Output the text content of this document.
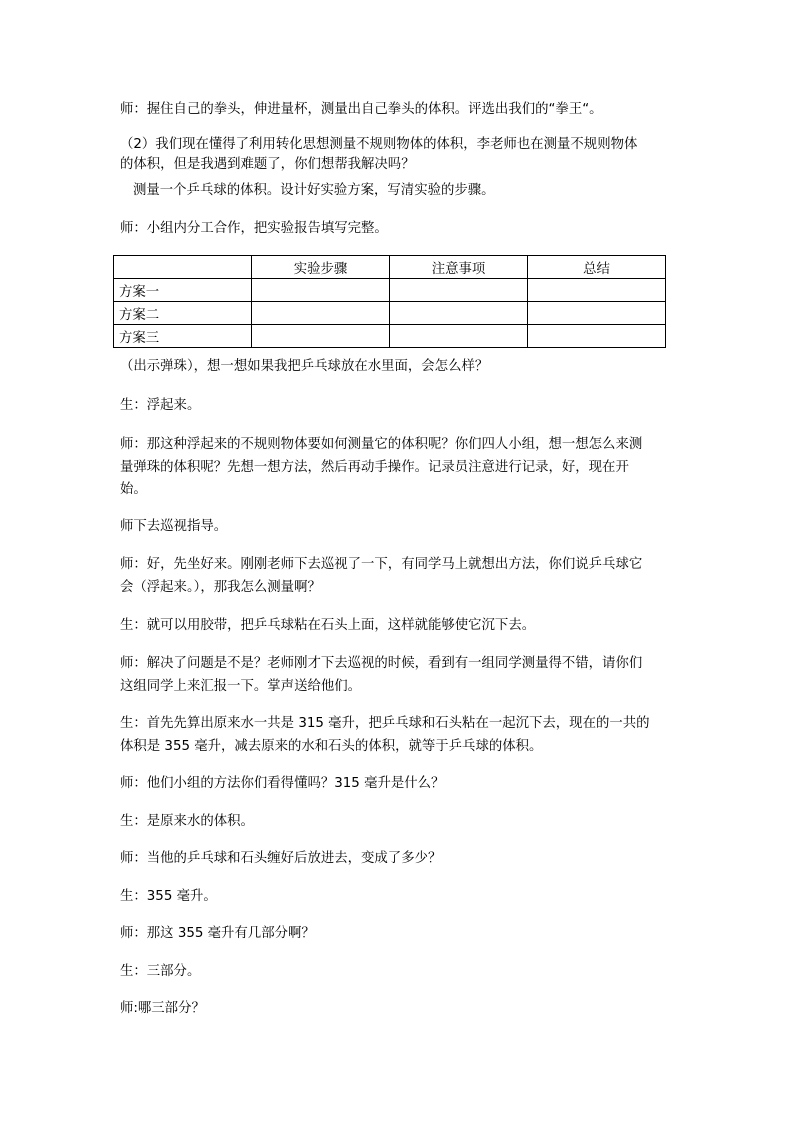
师：握住自己的拳头，伸进量杯，测量出自己拳头的体积。评选出我们的“拳王“。
（2）我们现在懂得了利用转化思想测量不规则物体的体积，李老师也在测量不规则物体
的体积，但是我遇到难题了，你们想帮我解决吗？
测量一个乒乓球的体积。设计好实验方案，写清实验的步骤。
师：小组内分工合作，把实验报告填写完整。
	实验步骤	注意事项	总结
方案一			
方案二			
方案三			
（出示弹珠），想一想如果我把乒乓球放在水里面，会怎么样？
生：浮起来。
师：那这种浮起来的不规则物体要如何测量它的体积呢？你们四人小组，想一想怎么来测
量弹珠的体积呢？先想一想方法，然后再动手操作。记录员注意进行记录，好，现在开
始。
师下去巡视指导。
师：好，先坐好来。刚刚老师下去巡视了一下，有同学马上就想出方法，你们说乒乓球它
会（浮起来。），那我怎么测量啊？
生：就可以用胶带，把乒乓球粘在石头上面，这样就能够使它沉下去。
师：解决了问题是不是？老师刚才下去巡视的时候，看到有一组同学测量得不错，请你们
这组同学上来汇报一下。掌声送给他们。
生：首先先算出原来水一共是 315 毫升，把乒乓球和石头粘在一起沉下去，现在的一共的
体积是 355 毫升，减去原来的水和石头的体积，就等于乒乓球的体积。
师：他们小组的方法你们看得懂吗？315 毫升是什么？
生：是原来水的体积。
师：当他的乒乓球和石头缠好后放进去，变成了多少？
生：355 毫升。
师：那这 355 毫升有几部分啊？
生：三部分。
师:哪三部分？
